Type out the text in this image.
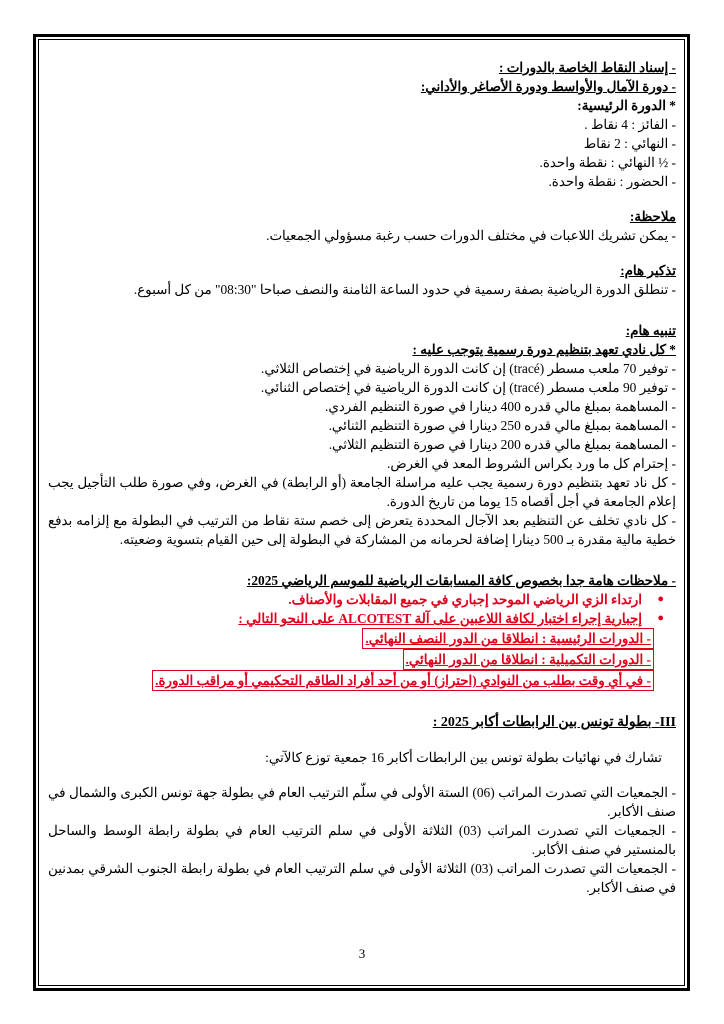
- إسناد النقاط الخاصة بالدورات :
- دورة الآمال والأواسط ودورة الأصاغر والأداني:
* الدورة الرئيسية:
- الفائز : 4 نقاط .
- النهائي : 2 نقاط
- ½ النهائي : نقطة واحدة.
- الحضور : نقطة واحدة.
ملاحظة:
- يمكن تشريك اللاعبات في مختلف الدورات حسب رغبة مسؤولي الجمعيات.
تذكير هام:
- تنطلق الدورة الرياضية بصفة رسمية في حدود الساعة الثامنة والنصف صباحا "08:30" من كل أسبوع.
تنبيه هام:
* كل نادي تعهد بتنظيم دورة رسمية يتوجب عليه :
- توفير 70 ملعب مسطر (tracé) إن كانت الدورة الرياضية في إختصاص الثلاثي.
- توفير 90 ملعب مسطر (tracé) إن كانت الدورة الرياضية في إختصاص الثنائي.
- المساهمة بمبلغ مالي قدره 400 دينارا في صورة التنظيم الفردي.
- المساهمة بمبلغ مالي قدره 250 دينارا في صورة التنظيم الثنائي.
- المساهمة بمبلغ مالي قدره 200 دينارا في صورة التنظيم الثلاثي.
- إحترام كل ما ورد بكراس الشروط المعد في الغرض.
- كل ناد تعهد بتنظيم دورة رسمية يجب عليه مراسلة الجامعة (أو الرابطة) في الغرض، وفي صورة طلب التأجيل يجب إعلام الجامعة في أجل أقصاه 15 يوما من تاريخ الدورة.
- كل نادي تخلف عن التنظيم بعد الآجال المحددة يتعرض إلى خصم ستة نقاط من الترتيب في البطولة مع إلزامه بدفع خطية مالية مقدرة بـ 500 دينارا إضافة لحرمانه من المشاركة في البطولة إلى حين القيام بتسوية وضعيته.
- ملاحظات هامة جدا بخصوص كافة المسابقات الرياضية للموسم الرياضي 2025:
●
ارتداء الزي الرياضي الموحد إجباري في جميع المقابلات والأصناف.
●
إجبارية إجراء اختبار لكافة اللاعبين على آلة ALCOTEST على النحو التالي :
- الدورات الرئيسية : انطلاقا من الدور النصف النهائي.
- الدورات التكميلية : انطلاقا من الدور النهائي.
- في أي وقت بطلب من النوادي (احتراز) أو من أحد أفراد الطاقم التحكيمي أو مراقب الدورة.
III- بطولة تونس بين الرابطات أكابر 2025 :
تشارك في نهائيات بطولة تونس بين الرابطات أكابر 16 جمعية توزع كالآتي:
- الجمعيات التي تصدرت المراتب (06) الستة الأولى في سلّم الترتيب العام في بطولة جهة تونس الكبرى والشمال في صنف الأكابر.
- الجمعيات التي تصدرت المراتب (03) الثلاثة الأولى في سلم الترتيب العام في بطولة رابطة الوسط والساحل بالمنستير في صنف الأكابر.
- الجمعيات التي تصدرت المراتب (03) الثلاثة الأولى في سلم الترتيب العام في بطولة رابطة الجنوب الشرقي بمدنين في صنف الأكابر.
3
